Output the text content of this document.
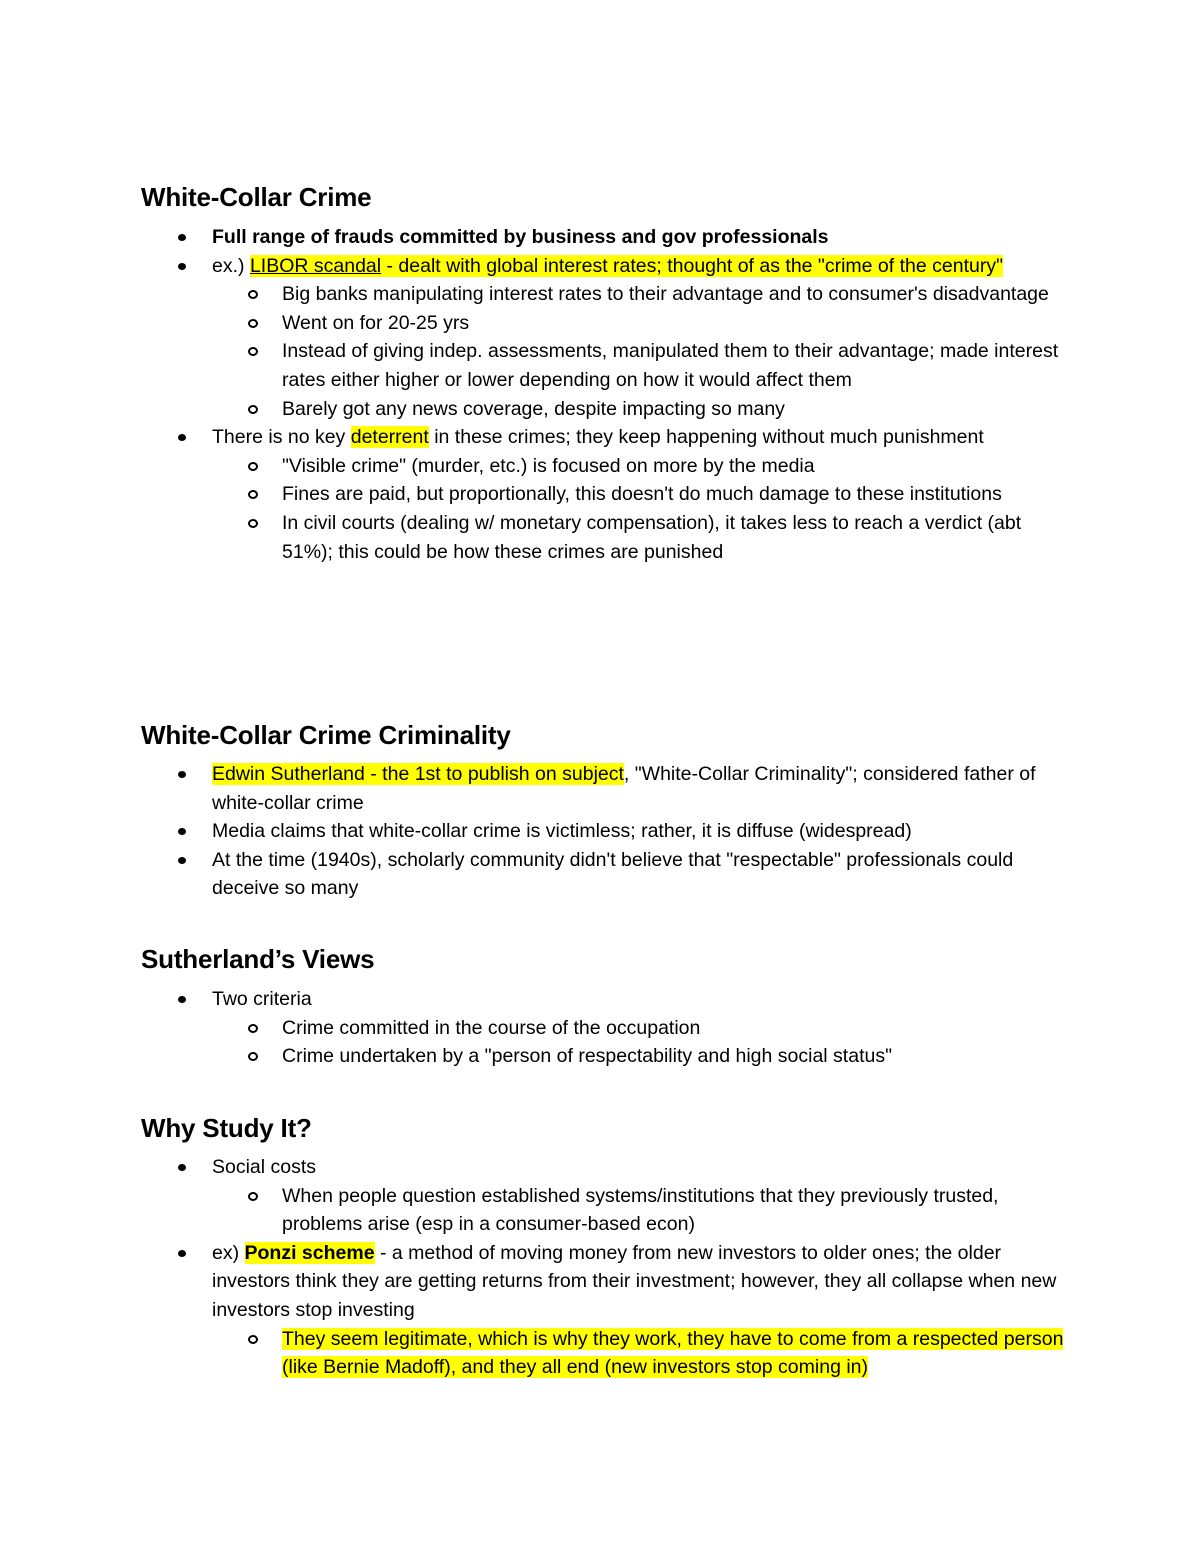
White-Collar Crime
Full range of frauds committed by business and gov professionals
ex.) LIBOR scandal - dealt with global interest rates; thought of as the "crime of the century"
Big banks manipulating interest rates to their advantage and to consumer's disadvantage
Went on for 20-25 yrs
Instead of giving indep. assessments, manipulated them to their advantage; made interest rates either higher or lower depending on how it would affect them
Barely got any news coverage, despite impacting so many
There is no key deterrent in these crimes; they keep happening without much punishment
"Visible crime" (murder, etc.) is focused on more by the media
Fines are paid, but proportionally, this doesn't do much damage to these institutions
In civil courts (dealing w/ monetary compensation), it takes less to reach a verdict (abt 51%); this could be how these crimes are punished
White-Collar Crime Criminality
Edwin Sutherland - the 1st to publish on subject, "White-Collar Criminality"; considered father of white-collar crime
Media claims that white-collar crime is victimless; rather, it is diffuse (widespread)
At the time (1940s), scholarly community didn't believe that "respectable" professionals could deceive so many
Sutherland’s Views
Two criteria
Crime committed in the course of the occupation
Crime undertaken by a "person of respectability and high social status"
Why Study It?
Social costs
When people question established systems/institutions that they previously trusted, problems arise (esp in a consumer-based econ)
ex) Ponzi scheme - a method of moving money from new investors to older ones; the older investors think they are getting returns from their investment; however, they all collapse when new investors stop investing
They seem legitimate, which is why they work, they have to come from a respected person (like Bernie Madoff), and they all end (new investors stop coming in)
